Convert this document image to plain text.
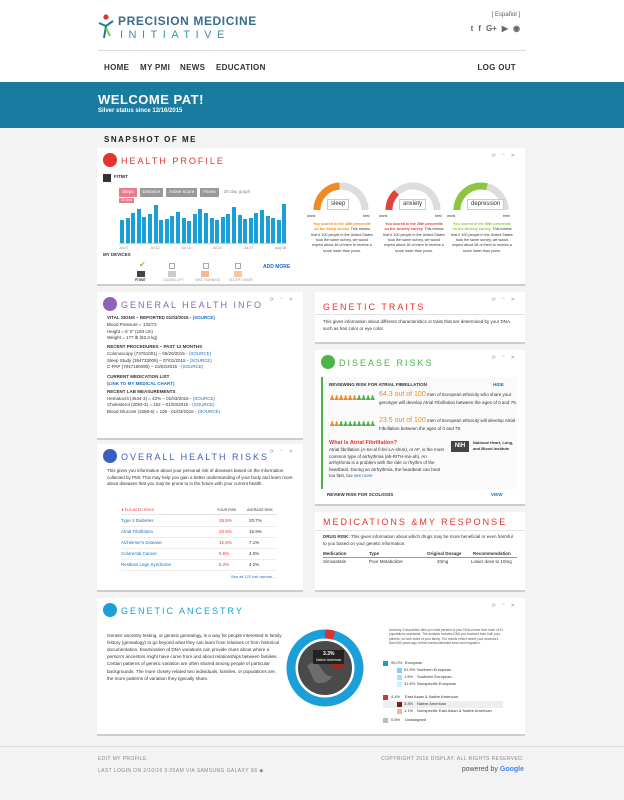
PRECISION MEDICINE
INITIATIVE
[ Español ]
t f G+ ▶ ◉
HOME MY PMI NEWS EDUCATION	LOG OUT
WELCOME PAT!
Silver status since 12/16/2015
SNAPSHOT OF ME
HEALTH PROFILE	⟳ ⌃ ✕
FITBIT
Steps	Distance	Active Score	Floors	30 day graph
10 stes
Jul 07	Jul 12	Jul 16	Jul 21	Jul 27	Aug 08
MY DEVICES
✔
FITBIT	GUARD LIFT	NIKE RUNNING SLEEP CHART
ADD MORE
sleep
worst	best
You scored in the 48th percentile on the Sleep survey. This means that if 100 people in the United States took the same survey, we would expect about 48 of them to receive a score lower than yours.
anxiety
worst	best
You scored in the 26th percentile on the Anxiety survey. This means that if 100 people in the United States took the same survey, we would expect about 26 of them to receive a score lower than yours.
depression
worst	best
You scored in the 58th percentile on the Anxiety survey. This means that if 100 people in the United States took the same survey, we would expect about 58 of them to receive a score lower than yours.
GENERAL HEALTH INFO ⟳ ⌃ ✕
VITAL SIGNS – REPORTED 01/03/2016 - (SOURCE)
Blood Pressure = 132/72
Height = 6' 0" (183 cm)
Weight = 177 lb (82.3 kg)
RECENT PROCEDURES – PAST 12 MONTHS
Colonoscopy (73761001) – 06/20/2015 - (SOURCE)
Sleep Study (394733009) – 07/01/2015 - (SOURCE)
C-PAP (7047180090) – 10/02/2015 - (SOURCE)
CURRENT MEDICATION LIST
(LINK TO MY MEDICAL CHART)
RECENT LAB MEASUREMENTS
Hematocrit (4544-3) = 42% – 01/03/2016 - (SOURCE)
Cholesterol (2093-3) = 152 – 01/03/2016 - (SOURCE)
Blood Glucose (1558-6) = 106 - 01/03/2016 - (SOURCE)
OVERALL HEALTH RISKS ⟳ ⌃ ✕
This gives you information about your personal risk of diseases based on the information collected by PMI. This may help you gain a better understanding of your body and learn more about diseases that you may be prone to in the future with your current health.
⬇ ELEVATED RISKS	YOUR RISK	AVERAGE RISK
Type 2 Diabetes	25.5%	20.7%
Atrial Fibrillation	20.5%	15.9%
Alzheimer's Disease	12.5%	7.1%
Colorectal Cancer	5.5%	4.0%
Restless Legs Syndrome	5.2%	4.2%
See all 122 risk reports...
GENETIC TRAITS
⟳ ⌃ ✕
This gives information about different characteristics or traits that are determined by your DNA, such as hair color or eye color.
DISEASE RISKS	⟳ ⌃ ✕
REVIEWING RISK FOR ATRIAL FIBRILLATION	HIDE
♟
♟
♟
♟
♟
♟
♟
♟
♟
♟
64.3 out of 100 men of European ethnicity who share your genotype will develop Atrial Fibrillation between the ages of 0 and 79.
♟
♟
♟
♟
♟
♟
♟
♟
♟
♟
23.5 out of 100 men of European ethnicity will develop Atrial Fibrillation between the ages of 0 and 79.
What Is Atrial Fibrillation?
Atrial fibrillation (A-tre-al fi-bri-LA-shun), or AF, is the most common type of arrhythmia (ah-RITH-me-ah). An arrhythmia is a problem with the rate or rhythm of the heartbeat. During an arrhythmia, the heartbeat can beat too fast, too see more
NIH
National Heart, Lung, and Blood Institute
REVIEW RISK FOR SCOLIOSIS	VIEW
MEDICATIONS &MY RESPONSE
DRUG RISK: This gives information about which drugs may be more beneficial or even harmful to you based on your genetic information.
Medication	Type	Original Dosage	Recommendation
Simvastatin	Poor Metabolizer	20mg	Lower dose to 10mg
GENETIC ANCESTRY	⟳ ⌃ ✕
Genetic ancestry testing, or genetic genealogy, is a way for people interested in family history (genealogy) to go beyond what they can learn from relatives or from historical documentation. Examination of DNA variations can provide clues about where a person's ancestors might have come from and about relationships between families. Certain patterns of genetic variation are often shared among people of particular backgrounds. The more closely related two individuals, families, or populations are, the more patterns of variation they typically share.
3.3%
Native American
Ancestry Composition tells you what percent of your DNA comes from each of 31 populations worldwide. The analysis includes DNA you received from both your parents, so both sides of your family. The results reflect where your ancestors lived 500 years ago, before transcontinental travel and migration.
95.0% European
61.9% Northern European
1.5% Southern European
31.6% Nonspecific European
4.4% East Asian & Native American
3.3% Native American
1.1% Nonspecific East Asian & Native American
0.6% Unassigned
EDIT MY PROFILE
LAST LOGIN ON 2/10/16 9:25AM VIA SAMSUNG GALAXY S6 ◆
COPYRIGHT 2016 DISPLAY. ALL RIGHTS RESERVED.
powered by Google
